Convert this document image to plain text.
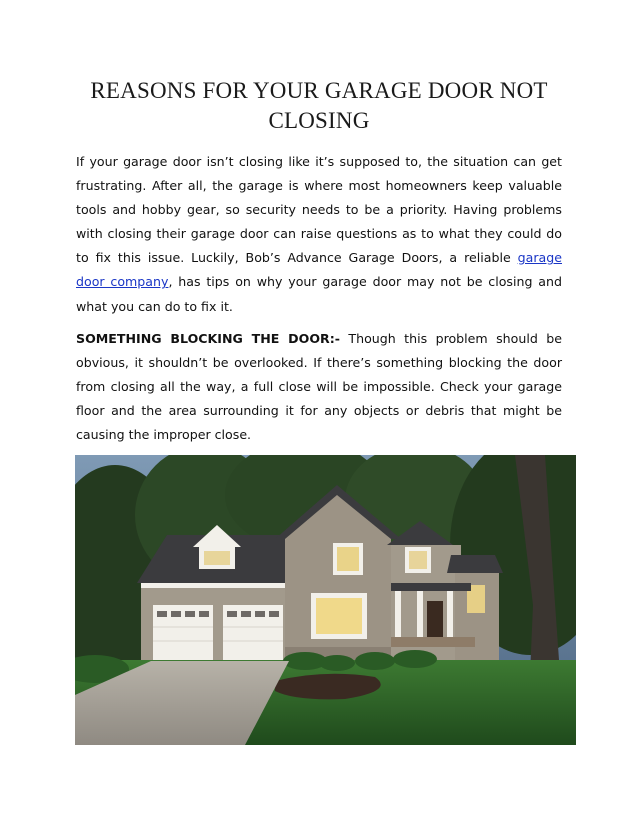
REASONS FOR YOUR GARAGE DOOR NOT CLOSING

If your garage door isn’t closing like it’s supposed to, the situation can get frustrating. After all, the garage is where most homeowners keep valuable tools and hobby gear, so security needs to be a priority. Having problems with closing their garage door can raise questions as to what they could do to fix this issue. Luckily, Bob’s Advance Garage Doors, a reliable garage door company, has tips on why your garage door may not be closing and what you can do to fix it.

SOMETHING BLOCKING THE DOOR:- Though this problem should be obvious, it shouldn’t be overlooked. If there’s something blocking the door from closing all the way, a full close will be impossible. Check your garage floor and the area surrounding it for any objects or debris that might be causing the improper close.
